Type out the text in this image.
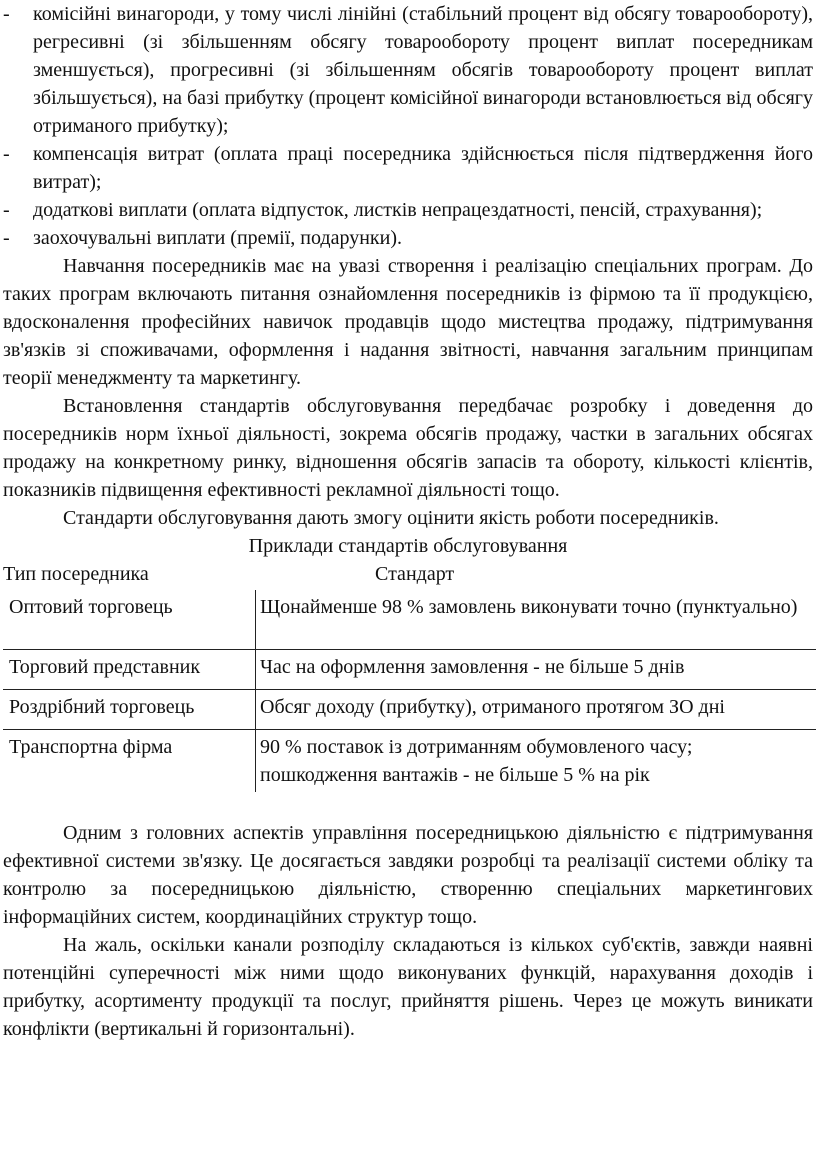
- комісійні винагороди, у тому числі лінійні (стабільний процент від обсягу товарообороту), регресивні (зі збільшенням обсягу товарообороту процент виплат посередникам зменшується), прогресивні (зі збільшенням обсягів товарообороту процент виплат збільшується), на базі прибутку (процент комісійної винагороди встановлюється від обсягу отриманого прибутку);
- компенсація витрат (оплата праці посередника здійснюється після підтвердження його витрат);
- додаткові виплати (оплата відпусток, листків непрацездатності, пенсій, страхування);
- заохочувальні виплати (премії, подарунки).

Навчання посередників має на увазі створення і реалізацію спеціальних програм. До таких програм включають питання ознайомлення посередників із фірмою та її продукцією, вдосконалення професійних навичок продавців щодо мистецтва продажу, підтримування зв'язків зі споживачами, оформлення і надання звітності, навчання загальним принципам теорії менеджменту та маркетингу.

Встановлення стандартів обслуговування передбачає розробку і доведення до посередників норм їхньої діяльності, зокрема обсягів продажу, частки в загальних обсягах продажу на конкретному ринку, відношення обсягів запасів та обороту, кількості клієнтів, показників підвищення ефективності рекламної діяльності тощо.

Стандарти обслуговування дають змогу оцінити якість роботи посередників.

Приклади стандартів обслуговування
Тип посередника	Стандарт
Оптовий торговець	Щонайменше 98 % замовлень виконувати точно (пунктуально)
Торговий представник	Час на оформлення замовлення - не більше 5 днів
Роздрібний торговець	Обсяг доходу (прибутку), отриманого протягом ЗО дні
Транспортна фірма	90 % поставок із дотриманням обумовленого часу; пошкодження вантажів - не більше 5 % на рік

Одним з головних аспектів управління посередницькою діяльністю є підтримування ефективної системи зв'язку. Це досягається завдяки розробці та реалізації системи обліку та контролю за посередницькою діяльністю, створенню спеціальних маркетингових інформаційних систем, координаційних структур тощо.

На жаль, оскільки канали розподілу складаються із кількох суб'єктів, завжди наявні потенційні суперечності між ними щодо виконуваних функцій, нарахування доходів і прибутку, асортименту продукції та послуг, прийняття рішень. Через це можуть виникати конфлікти (вертикальні й горизонтальні).
